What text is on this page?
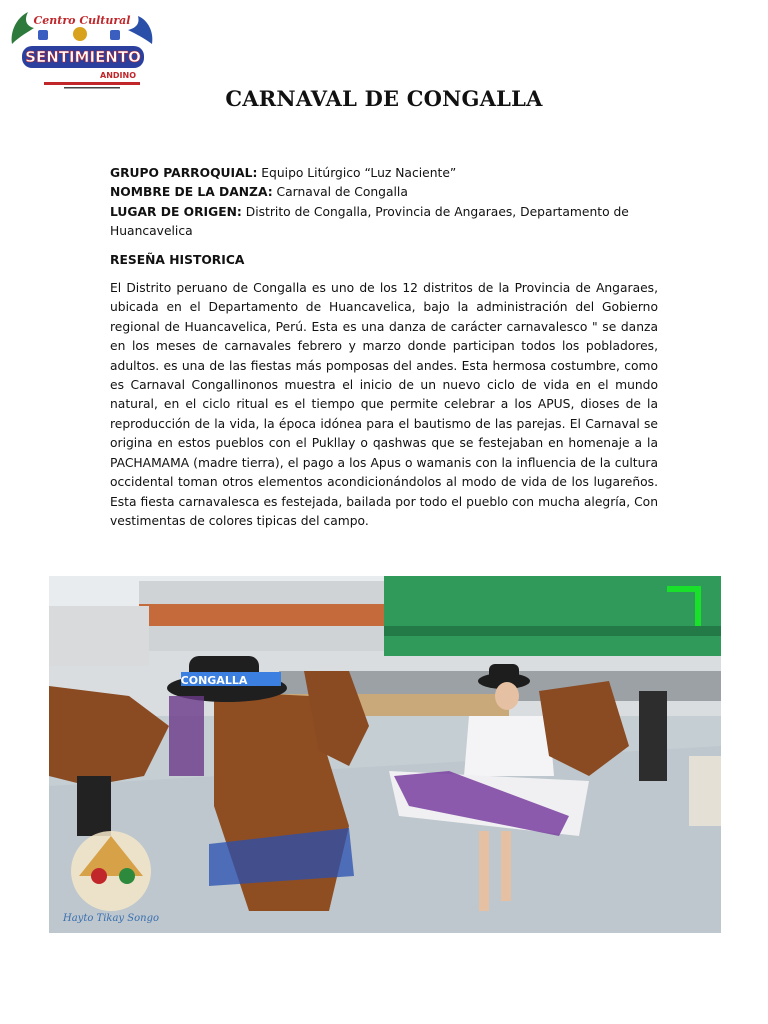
Centro Cultural
SENTIMIENTO
ANDINO
CARNAVAL DE CONGALLA

GRUPO PARROQUIAL: Equipo Litúrgico “Luz Naciente”

NOMBRE DE LA DANZA: Carnaval de Congalla

LUGAR DE ORIGEN: Distrito de Congalla, Provincia de Angaraes, Departamento de Huancavelica

RESEÑA HISTORICA

El Distrito peruano de Congalla es uno de los 12 distritos de la Provincia de Angaraes, ubicada en el Departamento de Huancavelica, bajo la administración del Gobierno regional de Huancavelica, Perú. Esta es una danza de carácter carnavalesco " se danza en los meses de carnavales febrero y marzo donde participan todos los pobladores, adultos. es una de las fiestas más pomposas del andes. Esta hermosa costumbre, como es Carnaval Congallinonos muestra el inicio de un nuevo ciclo de vida en el mundo natural, en el ciclo ritual es el tiempo que permite celebrar a los APUS, dioses de la reproducción de la vida, la época idónea para el bautismo de las parejas. El Carnaval se origina en estos pueblos con el Pukllay o qashwas que se festejaban en homenaje a la PACHAMAMA (madre tierra), el pago a los Apus o wamanis con la influencia de la cultura occidental toman otros elementos acondicionándolos al modo de vida de los lugareños. Esta fiesta carnavalesca es festejada, bailada por todo el pueblo con mucha alegría, Con vestimentas de colores tipicas del campo.

CONGALLA
Hayto Tikay Songo
